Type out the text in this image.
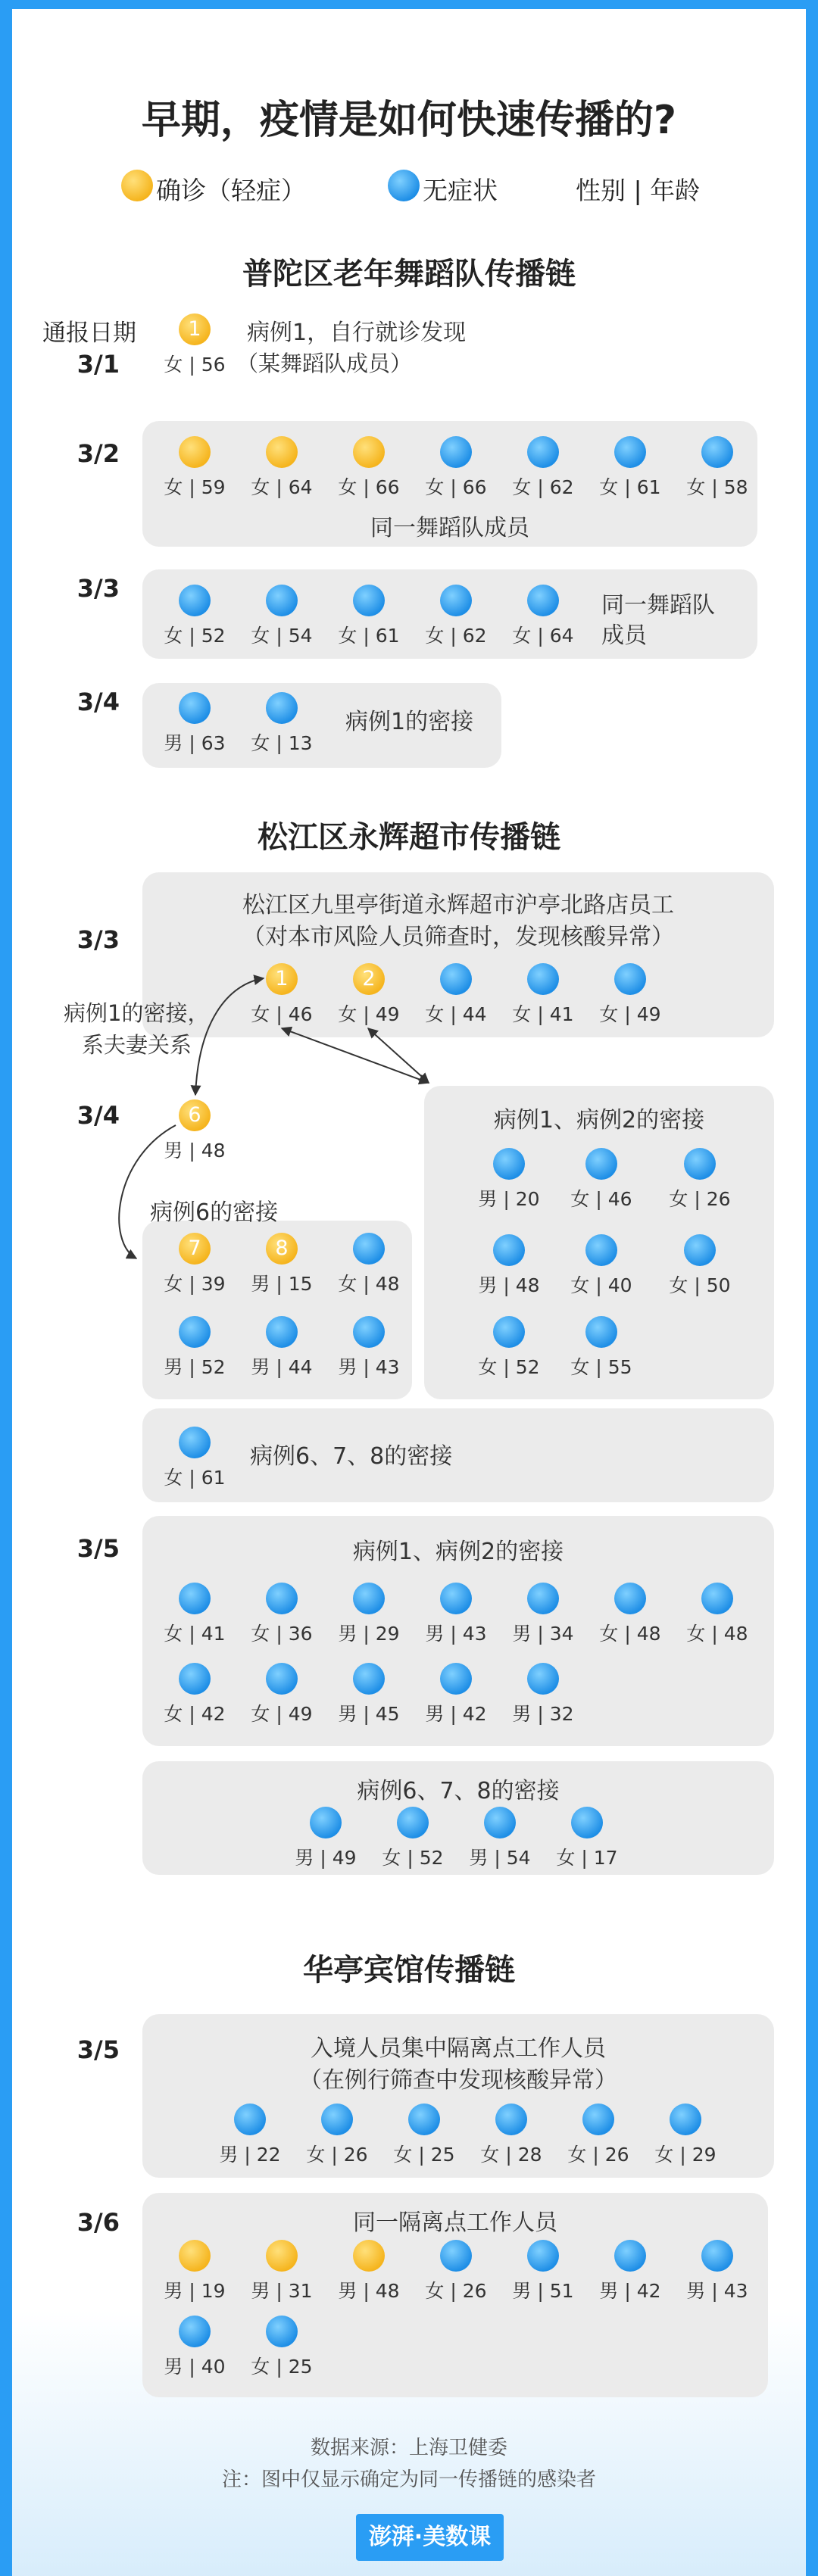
早期，疫情是如何快速传播的?
确诊（轻症）	无症状	性别 | 年龄
普陀区老年舞蹈队传播链
通报日期
3/1
1
女 | 56
病例1，自行就诊发现
（某舞蹈队成员）
3/2
女 | 59	女 | 64	女 | 66	女 | 66	女 | 62	女 | 61	女 | 58
同一舞蹈队成员
3/3
女 | 52	女 | 54	女 | 61	女 | 62	女 | 64
同一舞蹈队
成员
3/4
男 | 63	女 | 13
病例1的密接
松江区永辉超市传播链
3/3
松江区九里亭街道永辉超市沪亭北路店员工
（对本市风险人员筛查时，发现核酸异常）
1
女 | 46
2
女 | 49	女 | 44	女 | 41	女 | 49
病例1的密接，
系夫妻关系
3/4	6
男 | 48
病例6的密接
7
女 | 39
8
男 | 15	女 | 48
男 | 52	男 | 44	男 | 43
病例1、病例2的密接
男 | 20	女 | 46	女 | 26
男 | 48	女 | 40	女 | 50
女 | 52	女 | 55
女 | 61
病例6、7、8的密接
3/5	病例1、病例2的密接
女 | 41	女 | 36	男 | 29	男 | 43	男 | 34	女 | 48	女 | 48
女 | 42	女 | 49	男 | 45	男 | 42	男 | 32
病例6、7、8的密接
男 | 49	女 | 52	男 | 54	女 | 17
华亭宾馆传播链
3/5	入境人员集中隔离点工作人员
（在例行筛查中发现核酸异常）
男 | 22	女 | 26	女 | 25	女 | 28	女 | 26	女 | 29
3/6	同一隔离点工作人员
男 | 19	男 | 31	男 | 48	女 | 26	男 | 51	男 | 42	男 | 43
男 | 40	女 | 25
数据来源：上海卫健委
注：图中仅显示确定为同一传播链的感染者
澎湃·美数课
